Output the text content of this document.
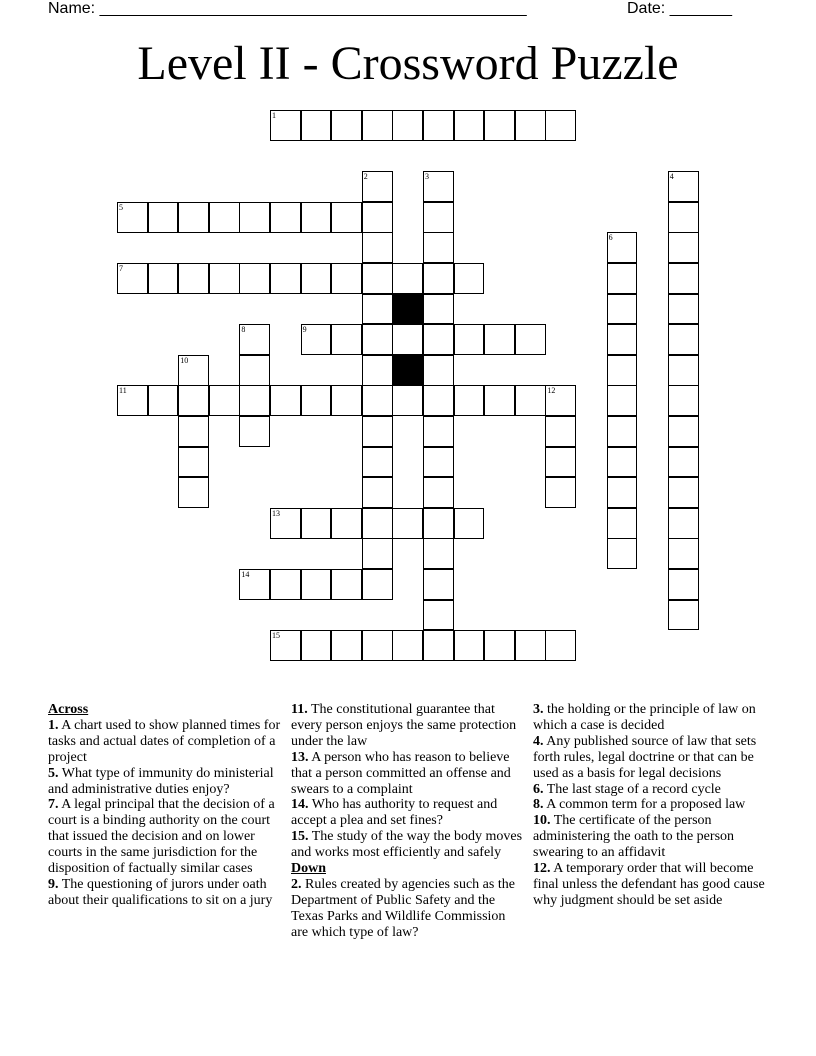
Name: ________________________________________________	Date: _______
Level II - Crossword Puzzle
1
2	3	4
5
6
7
8	9
10
11	12
13
14
15
Across
1. A chart used to show planned times for tasks and actual dates of completion of a project
5. What type of immunity do ministerial and administrative duties enjoy?
7. A legal principal that the decision of a court is a binding authority on the court that issued the decision and on lower courts in the same jurisdiction for the disposition of factually similar cases
9. The questioning of jurors under oath about their qualifications to sit on a jury
11. The constitutional guarantee that every person enjoys the same protection under the law
13. A person who has reason to believe that a person committed an offense and swears to a complaint
14. Who has authority to request and accept a plea and set fines?
15. The study of the way the body moves and works most efficiently and safely
Down
2. Rules created by agencies such as the Department of Public Safety and the Texas Parks and Wildlife Commission are which type of law?
3. the holding or the principle of law on which a case is decided
4. Any published source of law that sets forth rules, legal doctrine or that can be used as a basis for legal decisions
6. The last stage of a record cycle
8. A common term for a proposed law
10. The certificate of the person administering the oath to the person swearing to an affidavit
12. A temporary order that will become final unless the defendant has good cause why judgment should be set aside
